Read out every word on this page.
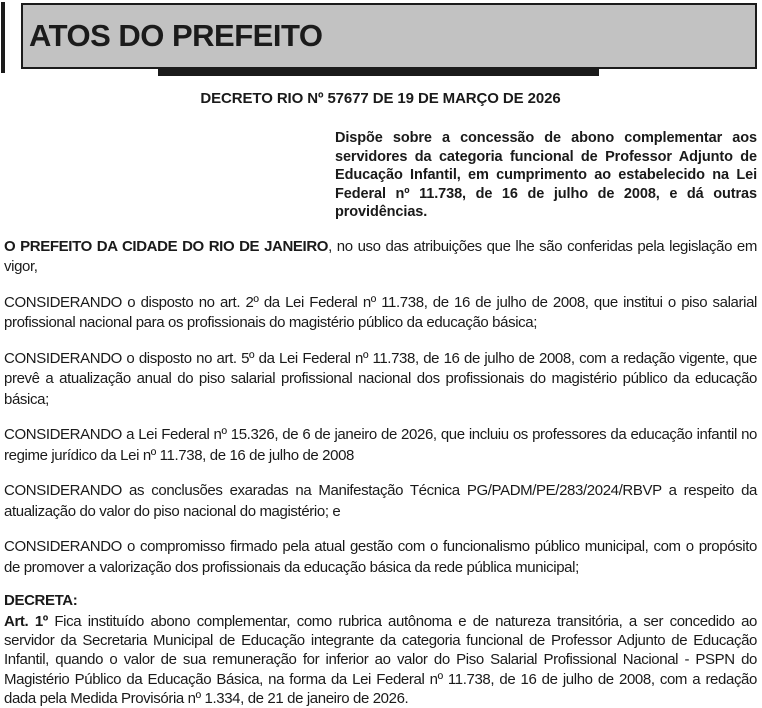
ATOS DO PREFEITO
DECRETO RIO Nº 57677 DE 19 DE MARÇO DE 2026

Dispõe sobre a concessão de abono complementar aos servidores da categoria funcional de Professor Adjunto de Educação Infantil, em cumprimento ao estabelecido na Lei Federal nº 11.738, de 16 de julho de 2008, e dá outras providências.

O PREFEITO DA CIDADE DO RIO DE JANEIRO, no uso das atribuições que lhe são conferidas pela legislação em vigor,

CONSIDERANDO o disposto no art. 2º da Lei Federal nº 11.738, de 16 de julho de 2008, que institui o piso salarial profissional nacional para os profissionais do magistério público da educação básica;

CONSIDERANDO o disposto no art. 5º da Lei Federal nº 11.738, de 16 de julho de 2008, com a redação vigente, que prevê a atualização anual do piso salarial profissional nacional dos profissionais do magistério público da educação básica;

CONSIDERANDO a Lei Federal nº 15.326, de 6 de janeiro de 2026, que incluiu os professores da educação infantil no regime jurídico da Lei nº 11.738, de 16 de julho de 2008

CONSIDERANDO as conclusões exaradas na Manifestação Técnica PG/PADM/PE/283/2024/RBVP a respeito da atualização do valor do piso nacional do magistério; e

CONSIDERANDO o compromisso firmado pela atual gestão com o funcionalismo público municipal, com o propósito de promover a valorização dos profissionais da educação básica da rede pública municipal;

DECRETA:

Art. 1º Fica instituído abono complementar, como rubrica autônoma e de natureza transitória, a ser concedido ao servidor da Secretaria Municipal de Educação integrante da categoria funcional de Professor Adjunto de Educação Infantil, quando o valor de sua remuneração for inferior ao valor do Piso Salarial Profissional Nacional - PSPN do Magistério Público da Educação Básica, na forma da Lei Federal nº 11.738, de 16 de julho de 2008, com a redação dada pela Medida Provisória nº 1.334, de 21 de janeiro de 2026.
